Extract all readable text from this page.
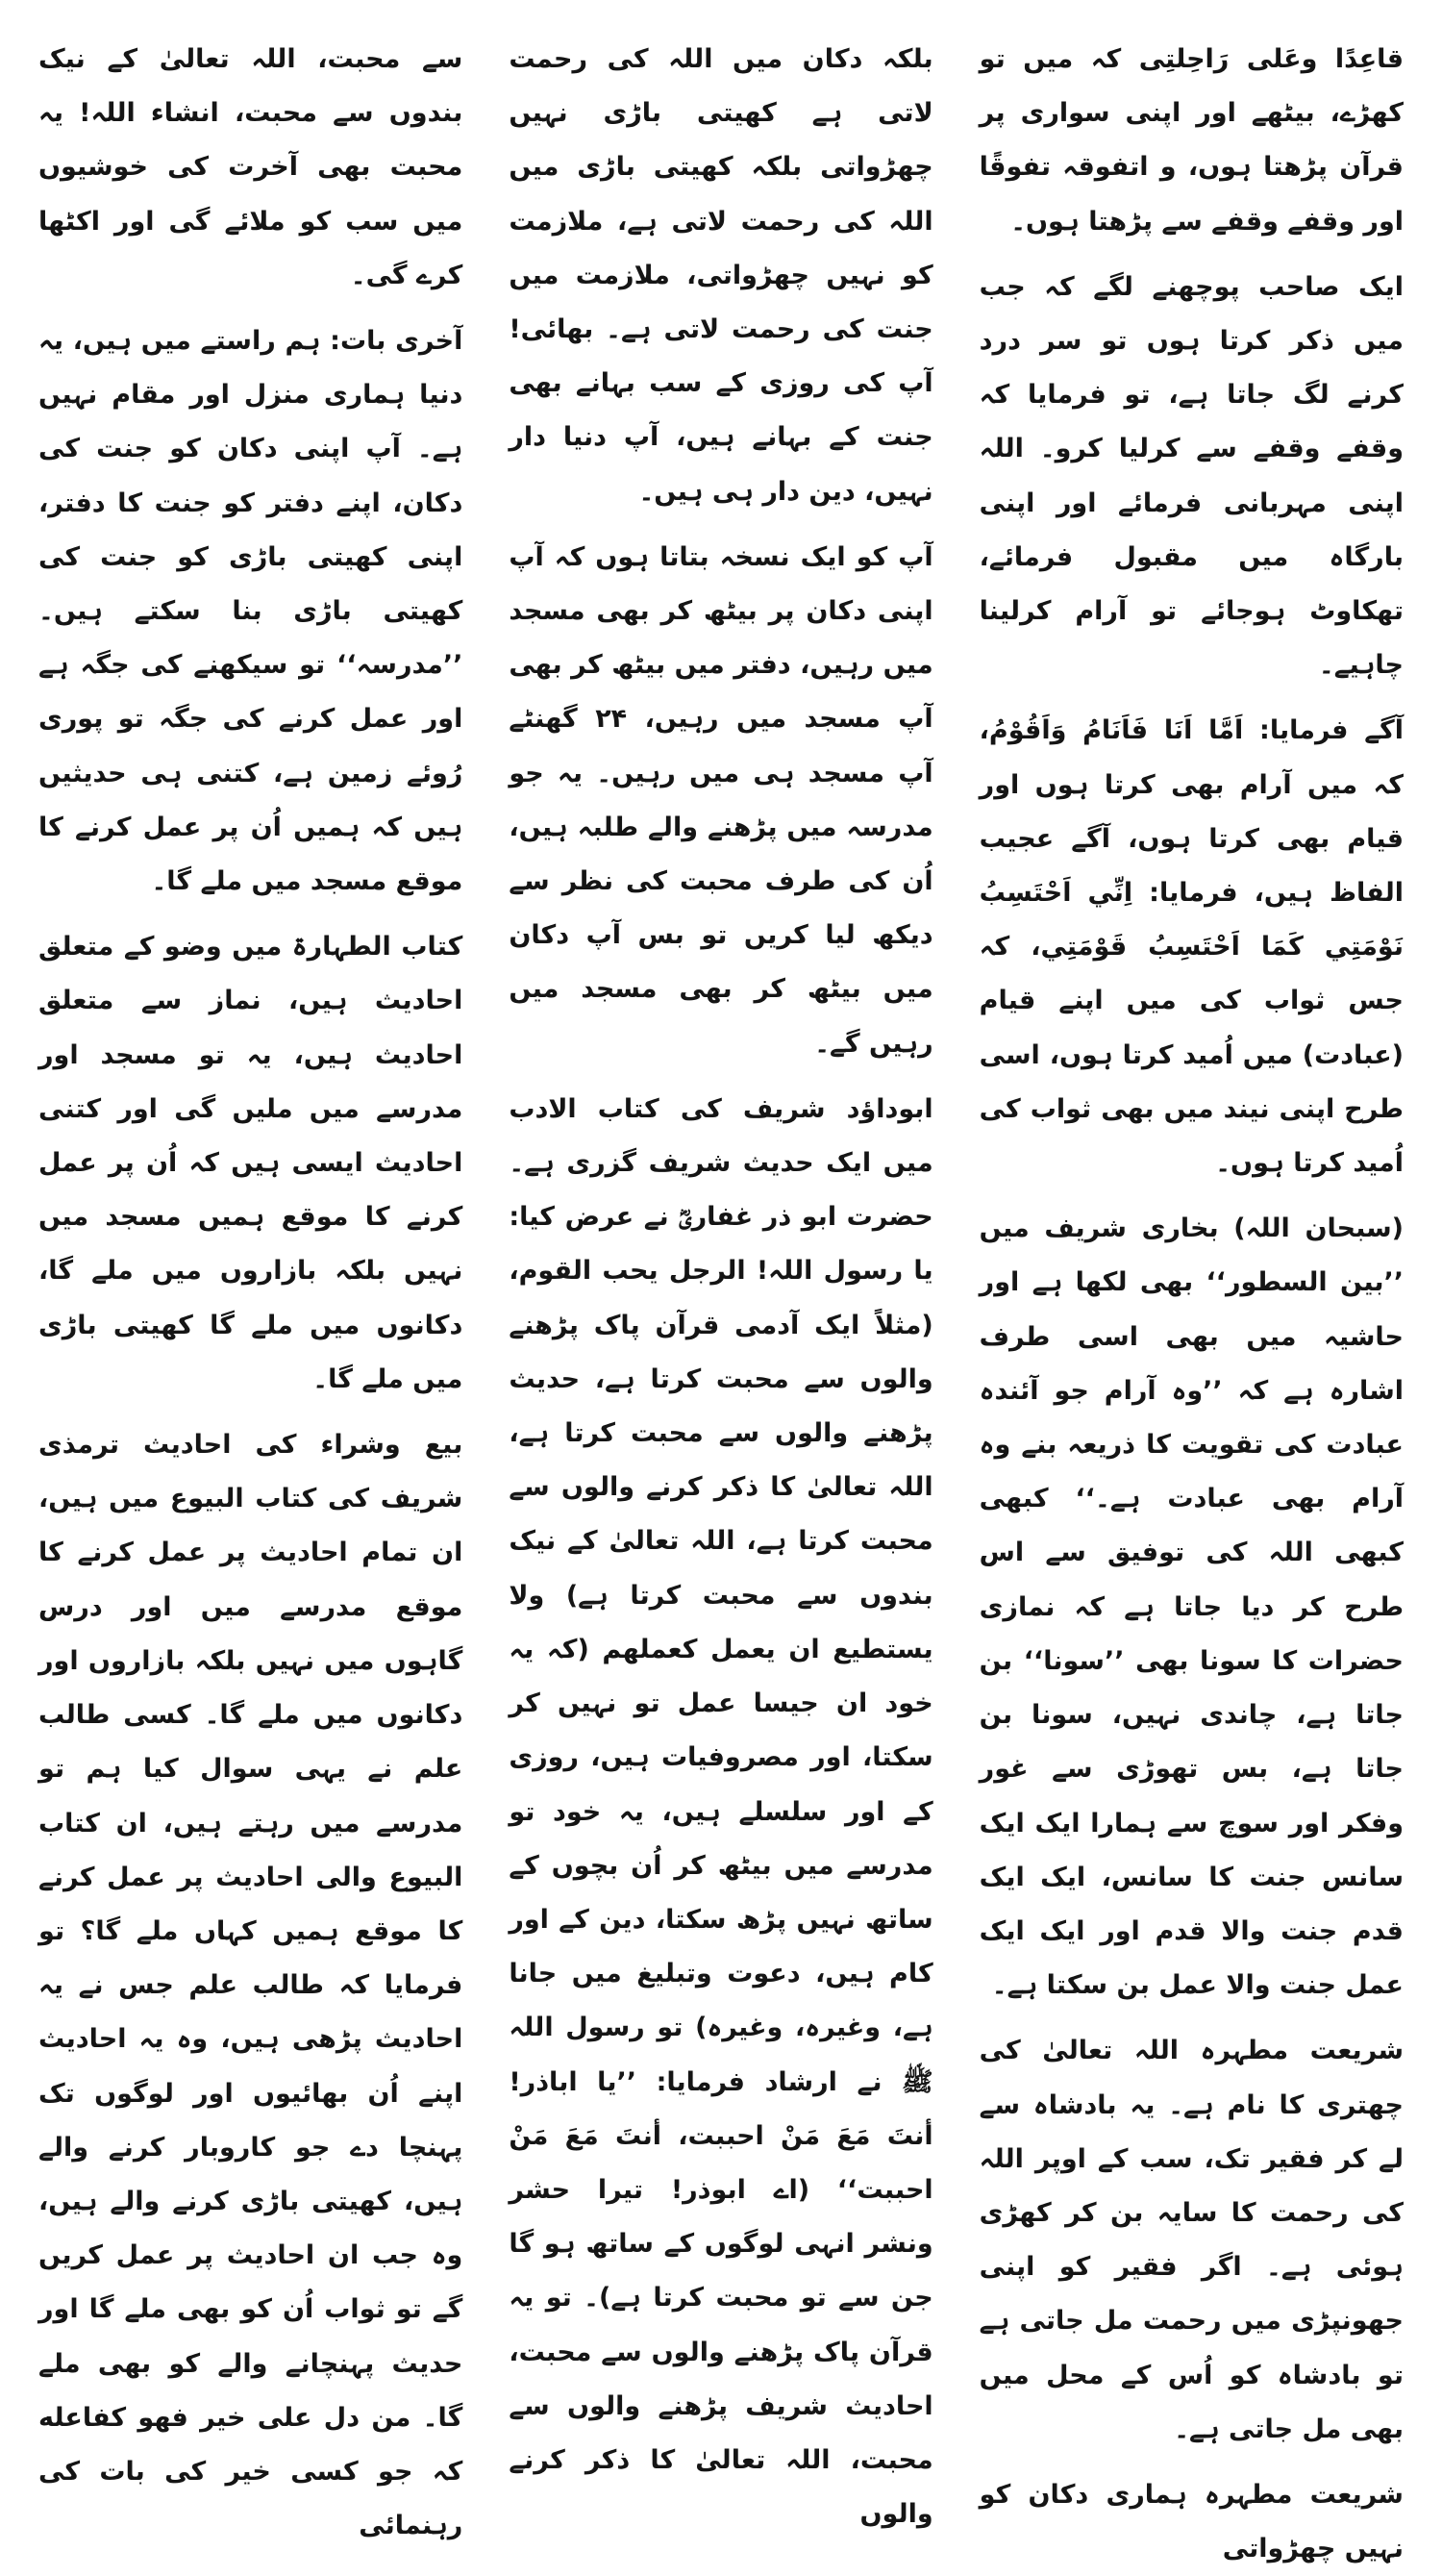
قاعِدًا وعَلی رَاحِلتِی کہ میں تو کھڑے، بیٹھے اور اپنی سواری پر قرآن پڑھتا ہوں، و اتفوقہ تفوقًا اور وقفے وقفے سے پڑھتا ہوں۔

ایک صاحب پوچھنے لگے کہ جب میں ذکر کرتا ہوں تو سر درد کرنے لگ جاتا ہے، تو فرمایا کہ وقفے وقفے سے کرلیا کرو۔ اللہ اپنی مہربانی فرمائے اور اپنی بارگاہ میں مقبول فرمائے، تھکاوٹ ہوجائے تو آرام کرلینا چاہیے۔

آگے فرمایا: اَمَّا اَنَا فَاَنَامُ وَاَقُوْمُ، کہ میں آرام بھی کرتا ہوں اور قیام بھی کرتا ہوں، آگے عجیب الفاظ ہیں، فرمایا: اِنِّي اَحْتَسِبُ نَوْمَتِي كَمَا اَحْتَسِبُ قَوْمَتِي، کہ جس ثواب کی میں اپنے قیام (عبادت) میں اُمید کرتا ہوں، اسی طرح اپنی نیند میں بھی ثواب کی اُمید کرتا ہوں۔

(سبحان اللہ) بخاری شریف میں ’’بین السطور‘‘ بھی لکھا ہے اور حاشیہ میں بھی اسی طرف اشارہ ہے کہ ’’وہ آرام جو آئندہ عبادت کی تقویت کا ذریعہ بنے وہ آرام بھی عبادت ہے۔‘‘ کبھی کبھی اللہ کی توفیق سے اس طرح کر دیا جاتا ہے کہ نمازی حضرات کا سونا بھی ’’سونا‘‘ بن جاتا ہے، چاندی نہیں، سونا بن جاتا ہے، بس تھوڑی سے غور وفکر اور سوچ سے ہمارا ایک ایک سانس جنت کا سانس، ایک ایک قدم جنت والا قدم اور ایک ایک عمل جنت والا عمل بن سکتا ہے۔

شریعت مطہرہ اللہ تعالیٰ کی چھتری کا نام ہے۔ یہ بادشاہ سے لے کر فقیر تک، سب کے اوپر اللہ کی رحمت کا سایہ بن کر کھڑی ہوئی ہے۔ اگر فقیر کو اپنی جھونپڑی میں رحمت مل جاتی ہے تو بادشاہ کو اُس کے محل میں بھی مل جاتی ہے۔

شریعت مطہرہ ہماری دکان کو نہیں چھڑواتی

بلکہ دکان میں اللہ کی رحمت لاتی ہے کھیتی باڑی نہیں چھڑواتی بلکہ کھیتی باڑی میں اللہ کی رحمت لاتی ہے، ملازمت کو نہیں چھڑواتی، ملازمت میں جنت کی رحمت لاتی ہے۔ بھائی! آپ کی روزی کے سب بہانے بھی جنت کے بہانے ہیں، آپ دنیا دار نہیں، دین دار ہی ہیں۔

آپ کو ایک نسخہ بتاتا ہوں کہ آپ اپنی دکان پر بیٹھ کر بھی مسجد میں رہیں، دفتر میں بیٹھ کر بھی آپ مسجد میں رہیں، ۲۴ گھنٹے آپ مسجد ہی میں رہیں۔ یہ جو مدرسہ میں پڑھنے والے طلبہ ہیں، اُن کی طرف محبت کی نظر سے دیکھ لیا کریں تو بس آپ دکان میں بیٹھ کر بھی مسجد میں رہیں گے۔

ابوداؤد شریف کی کتاب الادب میں ایک حدیث شریف گزری ہے۔ حضرت ابو ذر غفاریؓ نے عرض کیا: یا رسول اللہ! الرجل یحب القوم، (مثلاً ایک آدمی قرآن پاک پڑھنے والوں سے محبت کرتا ہے، حدیث پڑھنے والوں سے محبت کرتا ہے، اللہ تعالیٰ کا ذکر کرنے والوں سے محبت کرتا ہے، اللہ تعالیٰ کے نیک بندوں سے محبت کرتا ہے) ولا یستطیع ان یعمل کعملهم (کہ یہ خود ان جیسا عمل تو نہیں کر سکتا، اور مصروفیات ہیں، روزی کے اور سلسلے ہیں، یہ خود تو مدرسے میں بیٹھ کر اُن بچوں کے ساتھ نہیں پڑھ سکتا، دین کے اور کام ہیں، دعوت وتبلیغ میں جانا ہے، وغیرہ، وغیرہ) تو رسول اللہ ﷺ نے ارشاد فرمایا: ’’یا اباذر! أنتَ مَعَ مَنْ احببت، أنتَ مَعَ مَنْ احببت‘‘ (اے ابوذر! تیرا حشر ونشر انہی لوگوں کے ساتھ ہو گا جن سے تو محبت کرتا ہے)۔ تو یہ قرآن پاک پڑھنے والوں سے محبت، احادیث شریف پڑھنے والوں سے محبت، اللہ تعالیٰ کا ذکر کرنے والوں

سے محبت، اللہ تعالیٰ کے نیک بندوں سے محبت، انشاء اللہ! یہ محبت بھی آخرت کی خوشیوں میں سب کو ملائے گی اور اکٹھا کرے گی۔

آخری بات: ہم راستے میں ہیں، یہ دنیا ہماری منزل اور مقام نہیں ہے۔ آپ اپنی دکان کو جنت کی دکان، اپنے دفتر کو جنت کا دفتر، اپنی کھیتی باڑی کو جنت کی کھیتی باڑی بنا سکتے ہیں۔ ’’مدرسہ‘‘ تو سیکھنے کی جگہ ہے اور عمل کرنے کی جگہ تو پوری رُوئے زمین ہے، کتنی ہی حدیثیں ہیں کہ ہمیں اُن پر عمل کرنے کا موقع مسجد میں ملے گا۔

کتاب الطہارۃ میں وضو کے متعلق احادیث ہیں، نماز سے متعلق احادیث ہیں، یہ تو مسجد اور مدرسے میں ملیں گی اور کتنی احادیث ایسی ہیں کہ اُن پر عمل کرنے کا موقع ہمیں مسجد میں نہیں بلکہ بازاروں میں ملے گا، دکانوں میں ملے گا کھیتی باڑی میں ملے گا۔

بیع وشراء کی احادیث ترمذی شریف کی کتاب البیوع میں ہیں، ان تمام احادیث پر عمل کرنے کا موقع مدرسے میں اور درس گاہوں میں نہیں بلکہ بازاروں اور دکانوں میں ملے گا۔ کسی طالب علم نے یہی سوال کیا ہم تو مدرسے میں رہتے ہیں، ان کتاب البیوع والی احادیث پر عمل کرنے کا موقع ہمیں کہاں ملے گا؟ تو فرمایا کہ طالب علم جس نے یہ احادیث پڑھی ہیں، وہ یہ احادیث اپنے اُن بھائیوں اور لوگوں تک پہنچا دے جو کاروبار کرنے والے ہیں، کھیتی باڑی کرنے والے ہیں، وہ جب ان احادیث پر عمل کریں گے تو ثواب اُن کو بھی ملے گا اور حدیث پہنچانے والے کو بھی ملے گا۔ من دل علی خیر فهو کفاعله کہ جو کسی خیر کی بات کی رہنمائی
